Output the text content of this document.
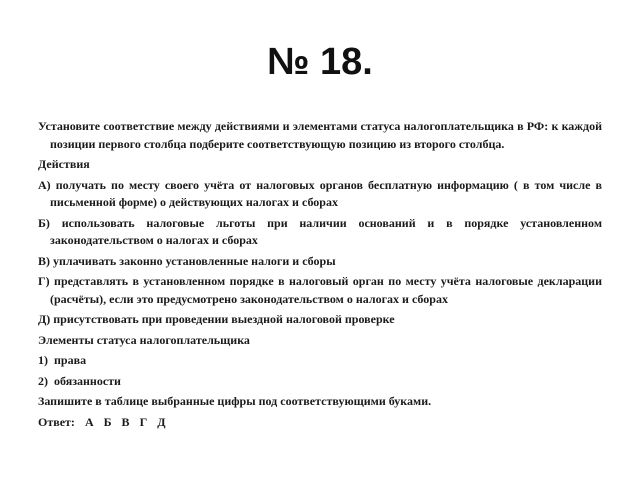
№ 18.

Установите соответствие между действиями и элементами статуса налогоплательщика в РФ: к каждой позиции первого столбца подберите соответствующую позицию из второго столбца.

Действия

А) получать по месту своего учёта от налоговых органов бесплатную информацию ( в том числе в письменной форме) о действующих налогах и сборах

Б) использовать налоговые льготы при наличии оснований и в порядке установленном законодательством о налогах и сборах

В) уплачивать законно установленные налоги и сборы

Г) представлять в установленном порядке в налоговый орган по месту учёта налоговые декларации (расчёты), если это предусмотрено законодательством о налогах и сборах

Д) присутствовать при проведении выездной налоговой проверке

Элементы статуса налогоплательщика

1)  права

2)  обязанности

Запишите в таблице выбранные цифры под соответствующими буками.

Ответ: А Б В Г Д
